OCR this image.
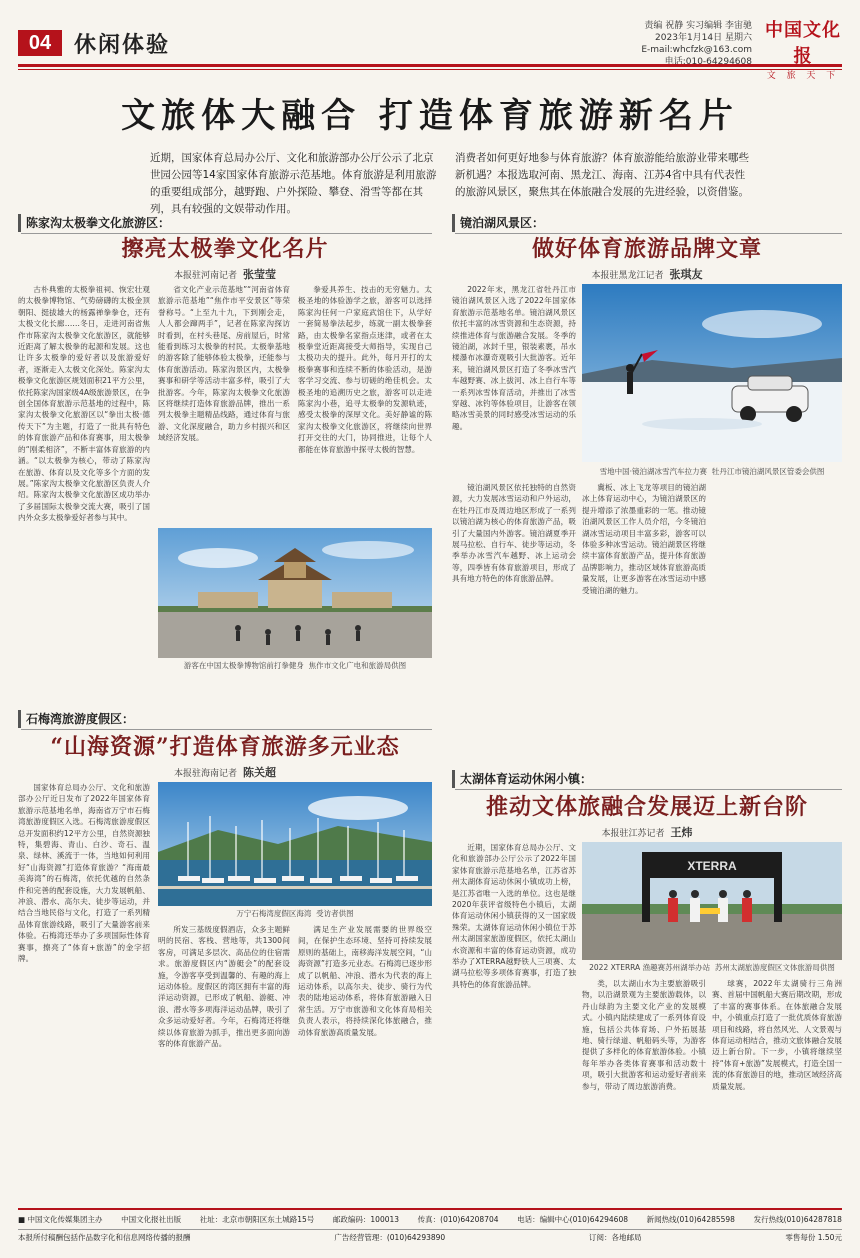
04	休闲体验
责编 祝静 实习编辑 李宙驰
2023年1月14日 星期六
E-mail:whcfzk@163.com
电话:010-64294608
中国文化报
文 旅 天 下
文旅体大融合 打造体育旅游新名片
近期，国家体育总局办公厅、文化和旅游部办公厅公示了北京世园公园等14家国家体育旅游示范基地。体育旅游是利用旅游的重要组成部分，越野跑、户外探险、攀登、滑雪等都在其列，具有较强的文娱带动作用。
消费者如何更好地参与体育旅游？体育旅游能给旅游业带来哪些新机遇？本报选取河南、黑龙江、海南、江苏4省中具有代表性的旅游风景区，聚焦其在体旅融合发展的先进经验，以资借鉴。
陈家沟太极拳文化旅游区：
擦亮太极拳文化名片
本报驻河南记者 张莹莹

古朴典雅的太极拳祖祠、恢宏壮观的太极拳博物馆、气势磅礴的太极金顶朝阳、挺拔雄大的杨露禅拳拳仓，还有太极文化长廊……冬日，走进河南省焦作市陈家沟太极拳文化旅游区，就能够近距离了解太极拳的起源和发展。这也让许多太极拳的爱好者以及旅游爱好者，逐渐走入太极文化深处。陈家沟太极拳文化旅游区规划面积21平方公里，依托陈家沟国家级4A级旅游景区，在争创全国体育旅游示范基地的过程中，陈家沟太极拳文化旅游区以“拳出太极·德传天下”为主题，打造了一批具有特色的体育旅游产品和体育赛事，用太极拳的“刚柔相济”，不断丰富体育旅游的内涵。“以太极拳为核心，带动了陈家沟在旅游、体育以及文化等多个方面的发展。”陈家沟太极拳文化旅游区负责人介绍。陈家沟太极拳文化旅游区成功举办了多届国际太极拳交流大赛，吸引了国内外众多太极拳爱好者参与其中。

省文化产业示范基地”“河南省体育旅游示范基地”“焦作市平安景区”等荣誉称号。“上至九十九，下到刚会走，人人都会蹿两手”，记者在陈家沟探访时看到，在村头巷尾、房前屋后，时常能看到练习太极拳的村民。太极拳基地的游客除了能够体验太极拳，还能参与体育旅游活动。陈家沟景区内，太极拳赛事和研学等活动丰富多样，吸引了大批游客。今年，陈家沟太极拳文化旅游区将继续打造体育旅游品牌，推出一系列太极拳主题精品线路，通过体育与旅游、文化深度融合，助力乡村振兴和区域经济发展。

拳爱具养生、技击的无穷魅力。太极圣地的体验游学之旅，游客可以选择陈家沟任何一户家庭武馆住下，从学好一套简易拳法起步，练就一副太极拳套路，由太极拳名家指点迷津，或者在太极拳堂近距离接受大师指导，实现自己太极功夫的提升。此外，每月开打的太极拳赛事和连续不断的体验活动，是游客学习交流、参与切磋的绝佳机会。太极圣地的追溯历史之旅，游客可以走进陈家沟小巷，追寻太极拳的发源轨迹，感受太极拳的深厚文化。美好静谧的陈家沟太极拳文化旅游区，将继续向世界打开交往的大门，协同推进，让每个人都能在体育旅游中探寻太极的智慧。

游客在中国太极拳博物馆前打拳健身 焦作市文化广电和旅游局供图
石梅湾旅游度假区：
“山海资源”打造体育旅游多元业态
本报驻海南记者 陈关超

国家体育总局办公厅、文化和旅游部办公厅近日发布了2022年国家体育旅游示范基地名单，海南省万宁市石梅湾旅游度假区入选。石梅湾旅游度假区总开发面积约12平方公里，自然资源独特，集碧海、青山、白沙、奇石、温泉、绿林、溪流于一体，当地如何利用好“山海资源”打造体育旅游？“海南最美海湾”的石梅湾，依托优越的自然条件和完善的配套设施，大力发展帆船、冲浪、潜水、高尔夫、徒步等运动，并结合当地民俗与文化，打造了一系列精品体育旅游线路，吸引了大量游客前来体验。石梅湾还举办了多项国际性体育赛事，擦亮了“体育+旅游”的金字招牌。

万宁石梅湾度假区海湾 受访者供图

所发三基级度假酒店，众多主题鲜明的民宿、客栈、营地等，共1300间客房，可满足多层次、高品位的住宿需求。旅游度假区内“游艇会”的配套设施，令游客享受到温馨的、有趣的海上运动体验。度假区的湾区拥有丰富的海洋运动资源，已形成了帆船、游艇、冲浪、潜水等多项海洋运动品牌，吸引了众多运动爱好者。今年，石梅湾还将继续以体育旅游为抓手，推出更多面向游客的体育旅游产品。

满足生产业发展需要的世界级空间，在保护生态环境、坚持可持续发展原则的基础上，南移海洋发展空间，“山海资源”打造多元业态。石梅湾已逐步形成了以帆船、冲浪、潜水为代表的海上运动体系，以高尔夫、徒步、骑行为代表的陆地运动体系，将体育旅游融入日常生活。万宁市旅游和文化体育局相关负责人表示，将持续深化体旅融合，推动体育旅游高质量发展。

镜泊湖风景区：
做好体育旅游品牌文章
本报驻黑龙江记者 张琪友

2022年末，黑龙江省牡丹江市镜泊湖风景区入选了2022年国家体育旅游示范基地名单。镜泊湖风景区依托丰富的冰雪资源和生态资源，持续推进体育与旅游融合发展。冬季的镜泊湖，冰封千里，银装素裹，吊水楼瀑布冰瀑奇观吸引大批游客。近年来，镜泊湖风景区打造了冬季冰雪汽车越野赛、冰上拔河、冰上自行车等一系列冰雪体育活动，并推出了冰雪穿越、冰钓等体验项目，让游客在领略冰雪美景的同时感受冰雪运动的乐趣。

雪地中国·镜泊湖冰雪汽车拉力赛 牡丹江市镜泊湖风景区管委会供图

镜泊湖风景区依托独特的自然资源，大力发展冰雪运动和户外运动，在牡丹江市及周边地区形成了一系列以镜泊湖为核心的体育旅游产品，吸引了大量国内外游客。镜泊湖夏季开展马拉松、自行车、徒步等运动，冬季举办冰雪汽车越野、冰上运动会等，四季皆有体育旅游项目，形成了具有地方特色的体育旅游品牌。

冀板、冰上飞龙等项目的镜泊湖冰上体育运动中心，为镜泊湖景区的提升增添了浓墨重彩的一笔。推动镜泊湖风景区工作人员介绍，今冬镜泊湖冰雪运动项目丰富多彩，游客可以体验多种冰雪运动。镜泊湖景区将继续丰富体育旅游产品，提升体育旅游品牌影响力，推动区域体育旅游高质量发展，让更多游客在冰雪运动中感受镜泊湖的魅力。

太湖体育运动休闲小镇：
推动文体旅融合发展迈上新台阶
本报驻江苏记者 王炜

近期，国家体育总局办公厅、文化和旅游部办公厅公示了2022年国家体育旅游示范基地名单，江苏省苏州太湖体育运动休闲小镇成功上榜，是江苏省唯一入选的单位。这也是继2020年获评省级特色小镇后，太湖体育运动休闲小镇获得的又一国家级殊荣。太湖体育运动休闲小镇位于苏州太湖国家旅游度假区，依托太湖山水资源和丰富的体育运动资源，成功举办了XTERRA越野铁人三项赛、太湖马拉松等多项体育赛事，打造了独具特色的体育旅游品牌。

XTERRA
2022 XTERRA 渔趣赛苏州湖举办站 苏州太湖旅游度假区文体旅游局供图

类，以太湖山水为主要旅游吸引物，以沿湖景观为主要旅游载体，以丹山绿韵为主要文化产业的发展模式。小镇内陆续建成了一系列体育设施，包括公共体育场、户外拓展基地、骑行绿道、帆船码头等，为游客提供了多样化的体育旅游体验。小镇每年举办各类体育赛事和活动数十项，吸引大批游客和运动爱好者前来参与，带动了周边旅游消费。

球赛，2022年太湖骑行三角洲赛、首届中国帆船大赛后期改期，形成了丰富的赛事体系。在体旅融合发展中，小镇重点打造了一批优质体育旅游项目和线路，将自然风光、人文景观与体育运动相结合，推动文旅体融合发展迈上新台阶。下一步，小镇将继续坚持“体育+旅游”发展模式，打造全国一流的体育旅游目的地，推动区域经济高质量发展。

■ 中国文化传媒集团主办 中国文化报社出版 社址：北京市朝阳区东土城路15号 邮政编码：100013 传真：(010)64208704 电话：编辑中心(010)64294608 新闻热线(010)64285598 发行热线(010)64287818
本报所付稿酬包括作品数字化和信息网络传播的报酬	广告经营管理：(010)64293890	订阅：各地邮局	零售每份 1.50元
